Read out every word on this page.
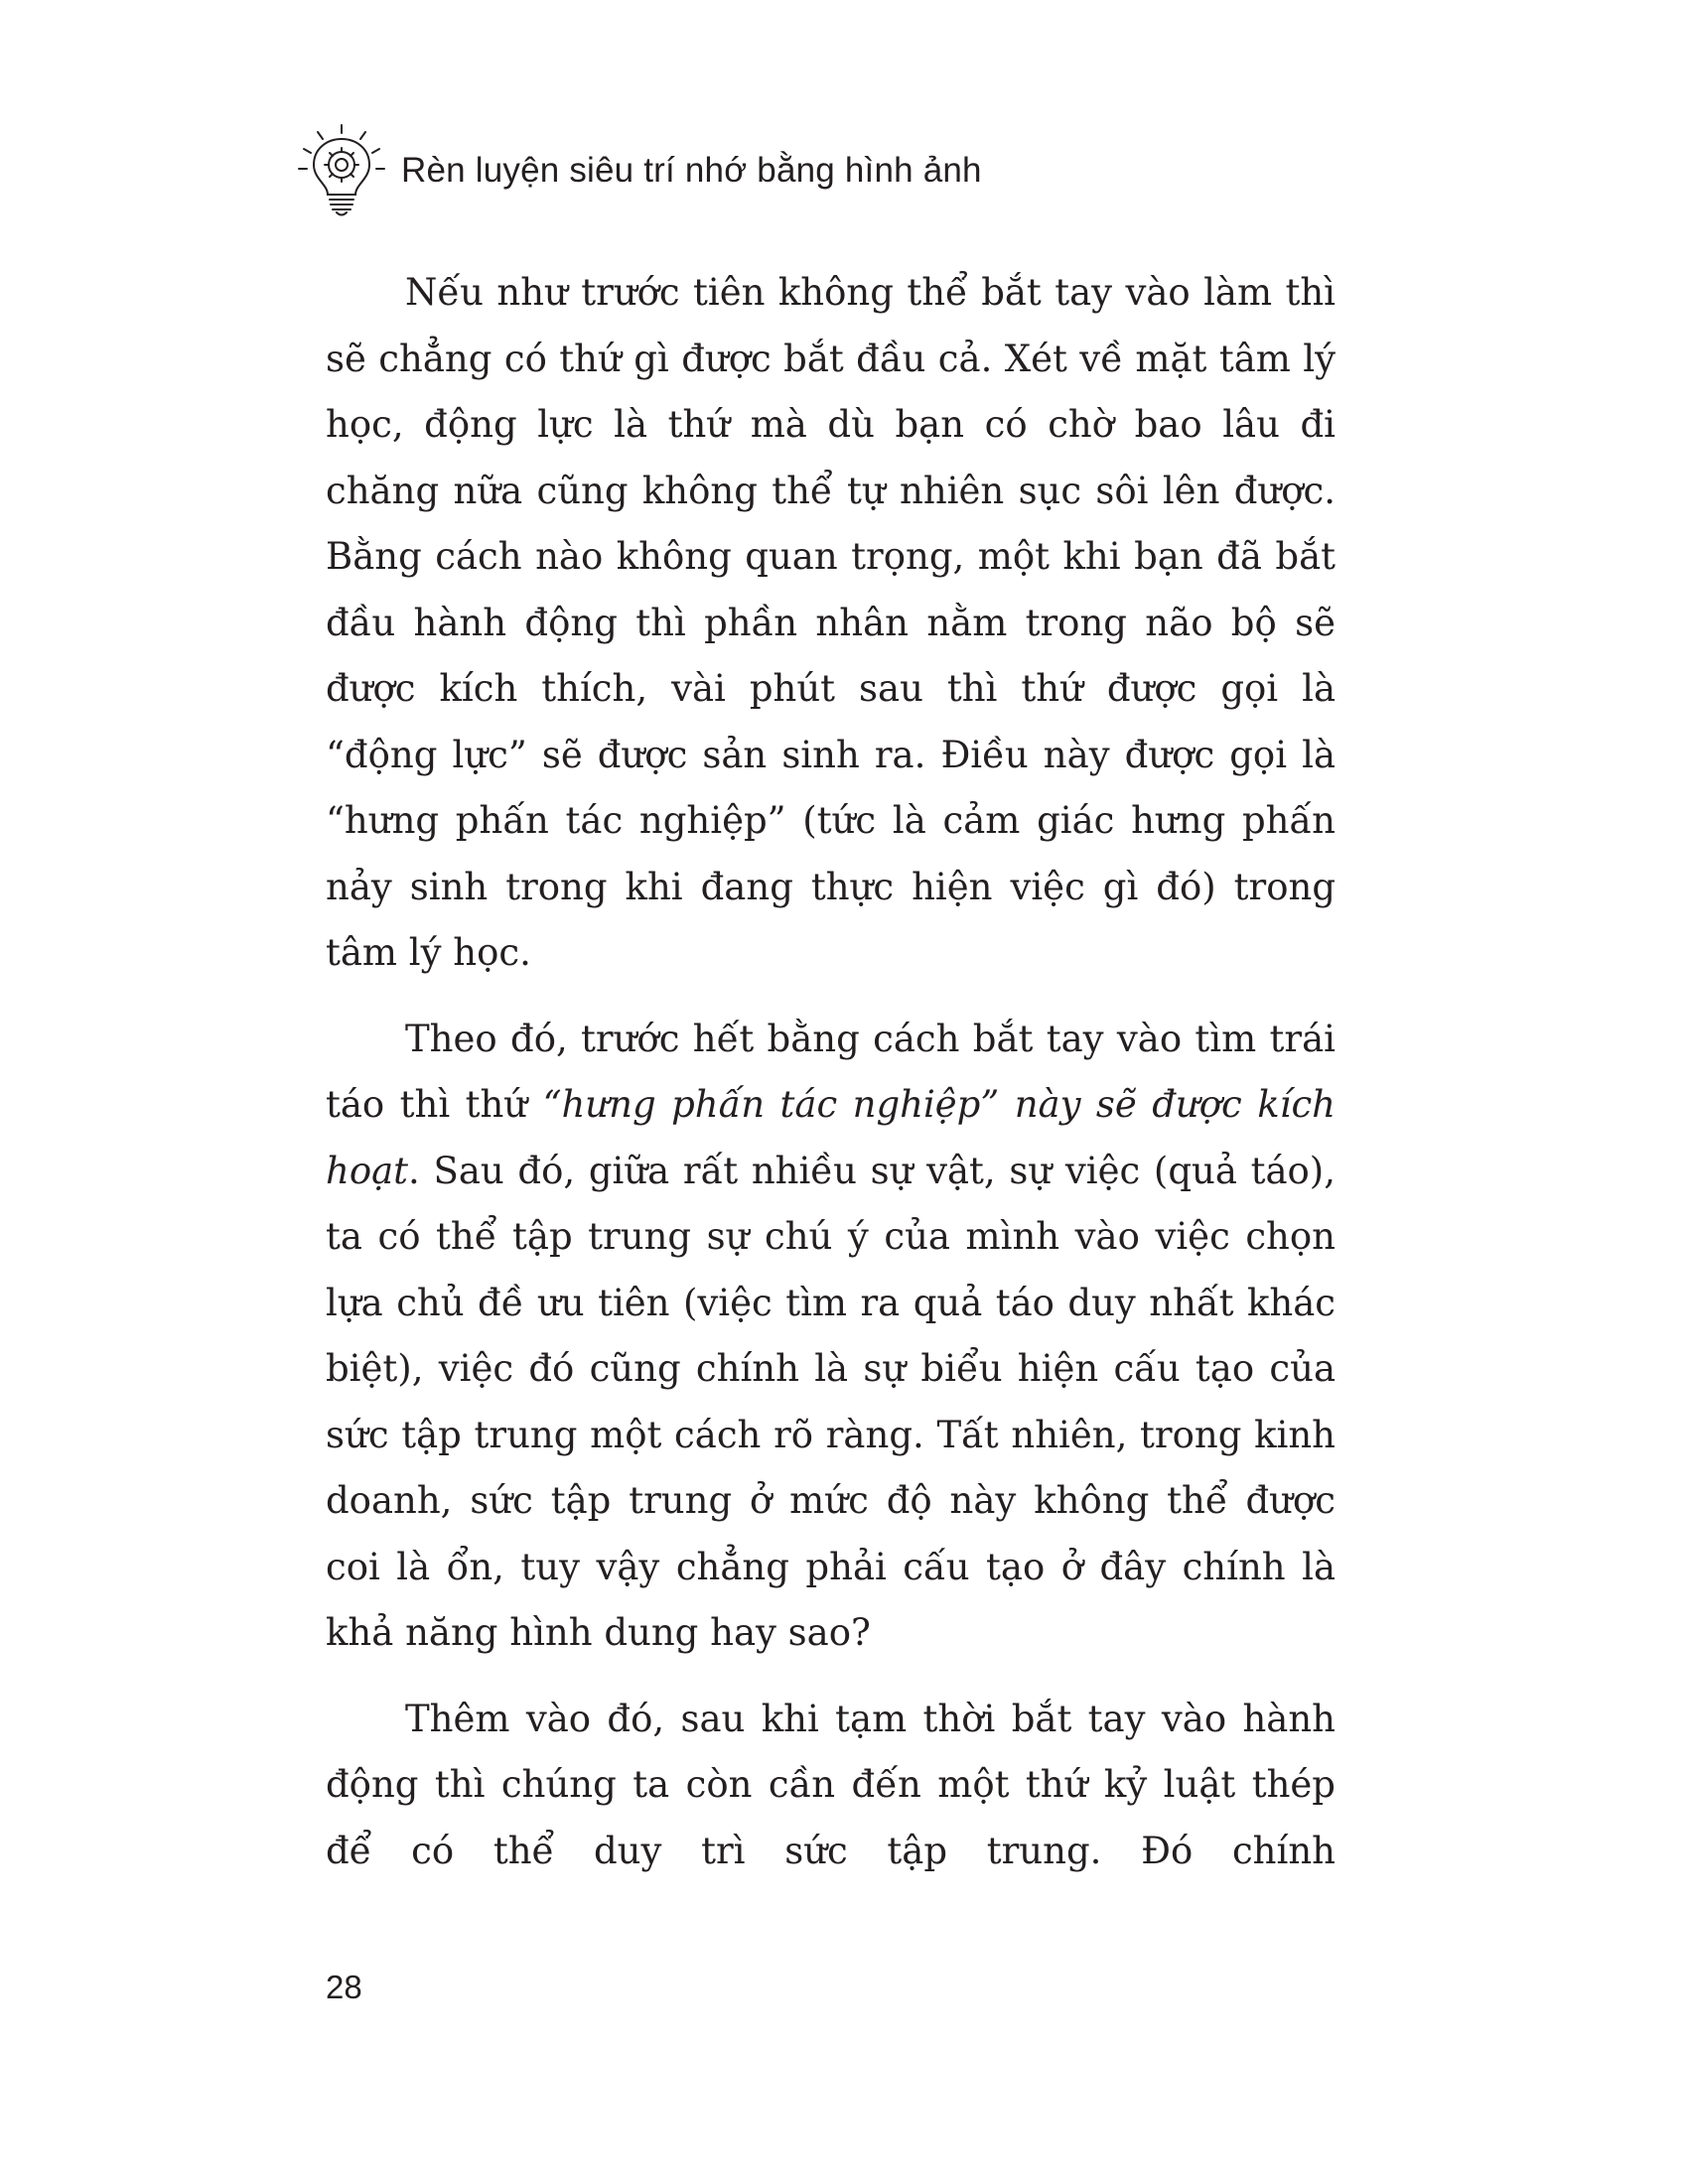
Rèn luyện siêu trí nhớ bằng hình ảnh

Nếu như trước tiên không thể bắt tay vào làm thì sẽ chẳng có thứ gì được bắt đầu cả. Xét về mặt tâm lý học, động lực là thứ mà dù bạn có chờ bao lâu đi chăng nữa cũng không thể tự nhiên sục sôi lên được. Bằng cách nào không quan trọng, một khi bạn đã bắt đầu hành động thì phần nhân nằm trong não bộ sẽ được kích thích, vài phút sau thì thứ được gọi là “động lực” sẽ được sản sinh ra. Điều này được gọi là “hưng phấn tác nghiệp” (tức là cảm giác hưng phấn nảy sinh trong khi đang thực hiện việc gì đó) trong tâm lý học.

Theo đó, trước hết bằng cách bắt tay vào tìm trái táo thì thứ “hưng phấn tác nghiệp” này sẽ được kích hoạt. Sau đó, giữa rất nhiều sự vật, sự việc (quả táo), ta có thể tập trung sự chú ý của mình vào việc chọn lựa chủ đề ưu tiên (việc tìm ra quả táo duy nhất khác biệt), việc đó cũng chính là sự biểu hiện cấu tạo của sức tập trung một cách rõ ràng. Tất nhiên, trong kinh doanh, sức tập trung ở mức độ này không thể được coi là ổn, tuy vậy chẳng phải cấu tạo ở đây chính là khả năng hình dung hay sao?

Thêm vào đó, sau khi tạm thời bắt tay vào hành động thì chúng ta còn cần đến một thứ kỷ luật thép để có thể duy trì sức tập trung. Đó chính

28
